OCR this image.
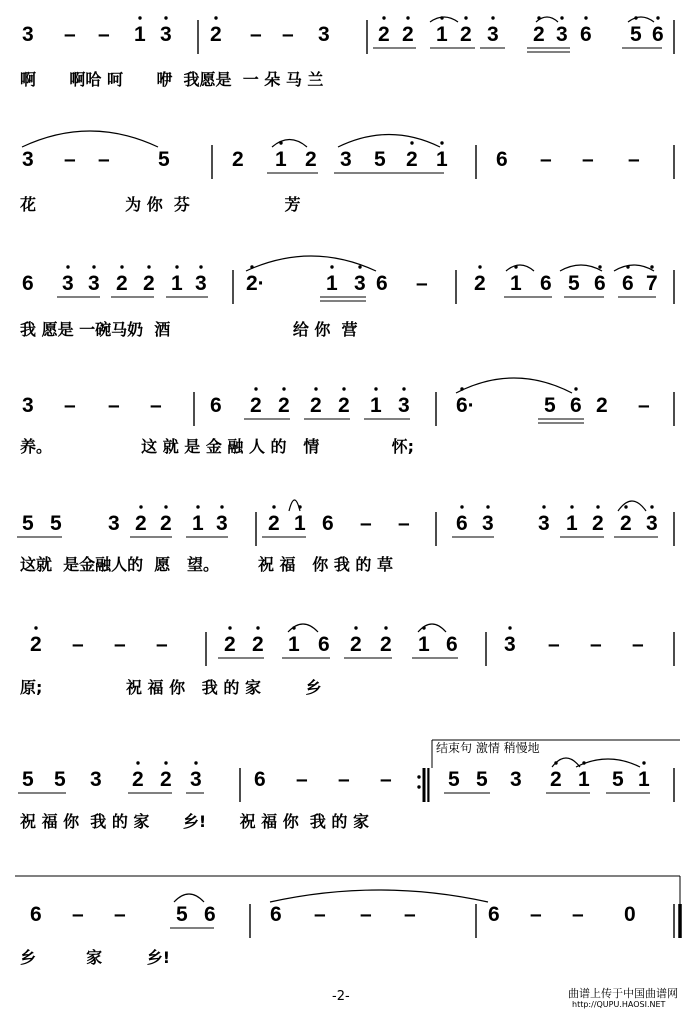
3 – – 1 3 2 – – 3 2 2 1 2 3 2 3 6 5 6
啊      啊哈 呵      咿  我愿是  一 朵 马 兰
3 – – 5	2 1 2 3 5 2 1 6 – – –
花                为 你  芬                 芳
6 3 3 2 2 1 3 2·	1 3 6 – 2 1 6 5 6 6 7
我 愿是 一碗马奶  酒                      给 你  营
3 – – – 6 2 2 2 2 1 3 6·	5 6 2 –
养。                这 就 是 金 融 人 的   情             怀;
5 5 3 2 2 1 3 2 1 6 – – 6 3 3 1 2 2 3
这就  是金融人的  愿   望。       祝 福   你 我 的 草
2 – – –	2 2 1 6 2 2 1 6 3 – – –
原;               祝 福 你   我 的 家        乡
5 5 3 2 2 3 6 – – –	5 5 3 2 1 5 1
祝 福 你  我 的 家      乡!      祝 福 你  我 的 家
6 – – 5 6	6 – – –	6 – – 0
乡         家        乡!
结束句 激情 稍慢地
-2-	曲谱上传于中国曲谱网
http://QUPU.HAOSI.NET
